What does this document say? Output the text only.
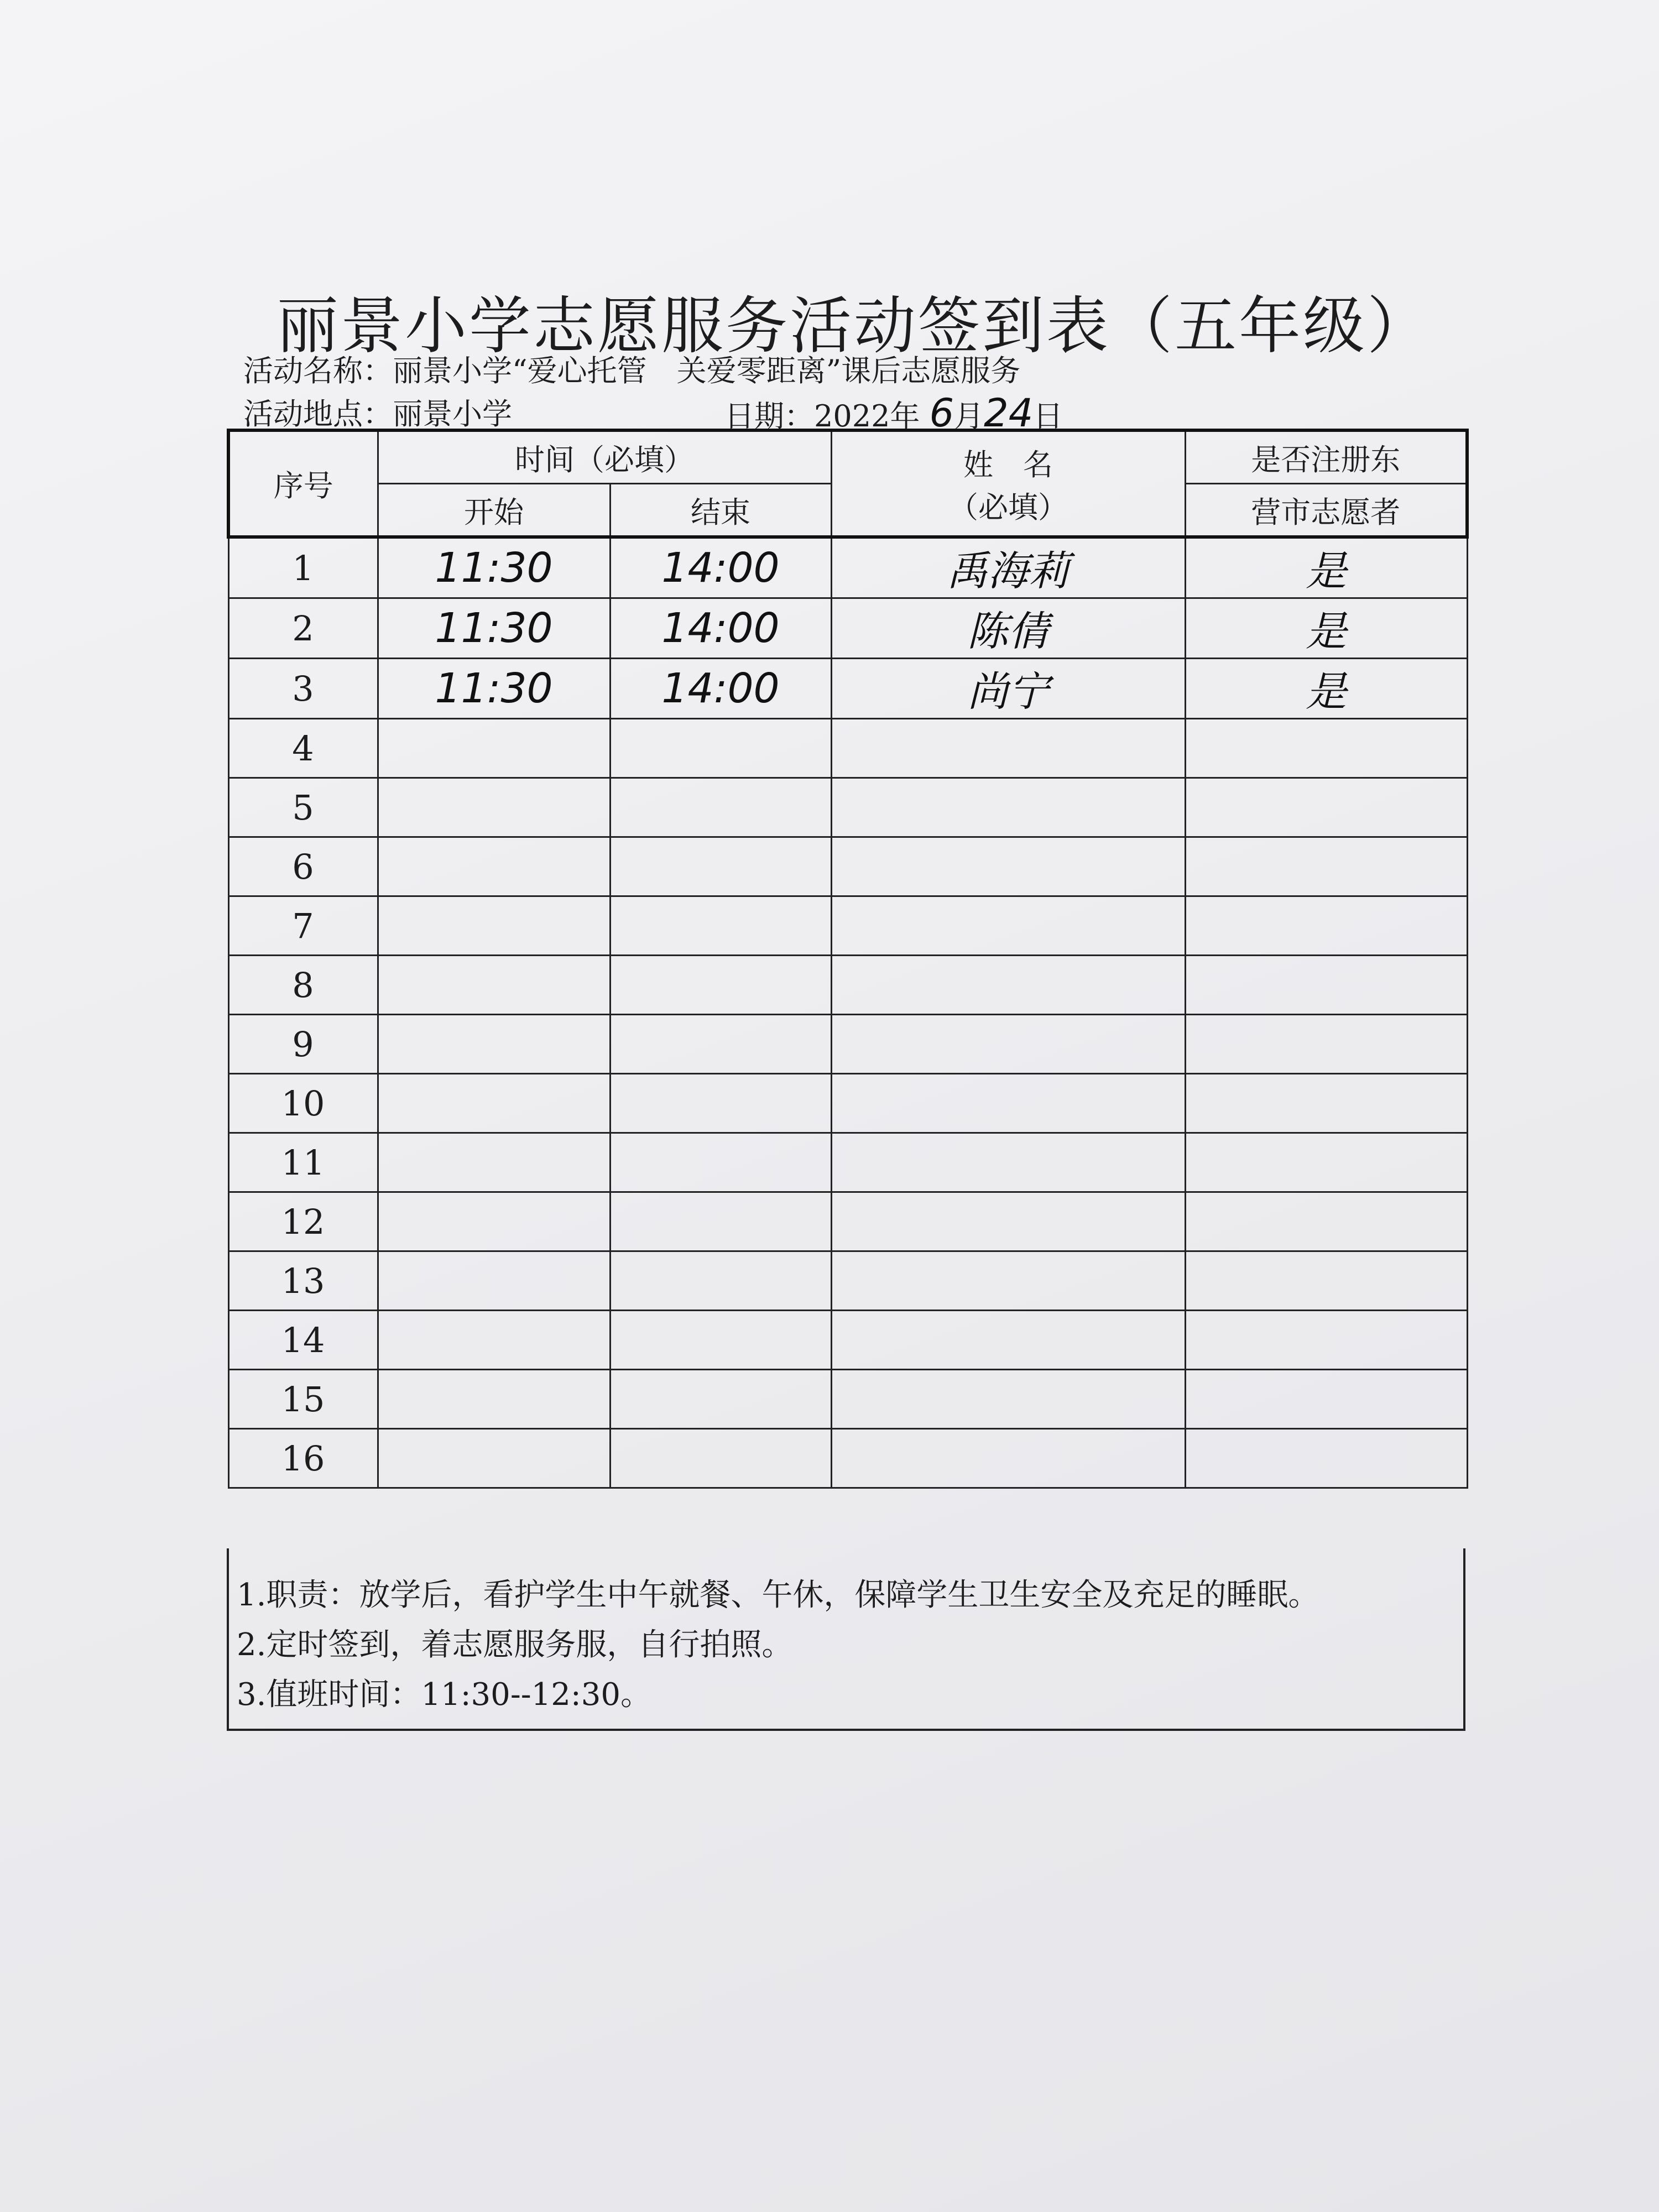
丽景小学志愿服务活动签到表（五年级）
活动名称：丽景小学“爱心托管　关爱零距离”课后志愿服务
活动地点：丽景小学	日期：2022年 6月24日
序号	时间（必填）		姓　名
（必填）	是否注册东
	开始	结束		营市志愿者
1	11:30	14:00	禹海莉	是
2	11:30	14:00	陈倩	是
3	11:30	14:00	尚宁	是
4				
5				
6				
7				
8				
9				
10				
11				
12				
13				
14				
15				
16				
1.职责：放学后，看护学生中午就餐、午休，保障学生卫生安全及充足的睡眠。
2.定时签到，着志愿服务服，自行拍照。
3.值班时间：11:30--12:30。
